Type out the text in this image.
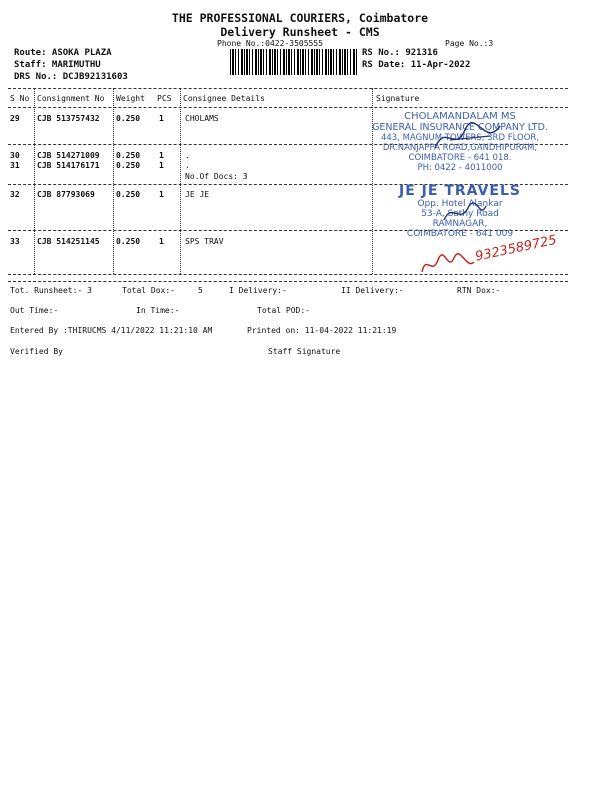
THE PROFESSIONAL COURIERS, Coimbatore
Delivery Runsheet - CMS
Phone No.:0422-3505555	Page No.:3
Route: ASOKA PLAZA
Staff: MARIMUTHU
DRS No.: DCJB92131603
RS No.: 921316
RS Date: 11-Apr-2022
S No Consignment No Weight PCS Consignee Details	Signature
29 CJB 513757432 0.250 1	CHOLAMS
30 CJB 514271009 0.250 1	.
31 CJB 514176171 0.250 1	.
No.Of Docs: 3
32 CJB 87793069	0.250 1	JE JE
33 CJB 514251145 0.250 1	SPS TRAV
CHOLAMANDALAM MS
GENERAL INSURANCE COMPANY LTD.
443, MAGNUM TOWERS, 3RD FLOOR,
DR.NANJAPPA ROAD,GANDHIPURAM,
COIMBATORE - 641 018.
PH: 0422 - 4011000
JE JE TRAVELS
Opp. Hotel Alankar
53-A, Sathy Road
RAMNAGAR,
COIMBATORE - 641 009
9323589725
Tot. Runsheet:- 3	Total Dox:-	5	I Delivery:-	II Delivery:-	RTN Dox:-
Out Time:-	In Time:-	Total POD:-
Entered By :THIRUCMS 4/11/2022 11:21:10 AM	Printed on: 11-04-2022 11:21:19
Verified By	Staff Signature
